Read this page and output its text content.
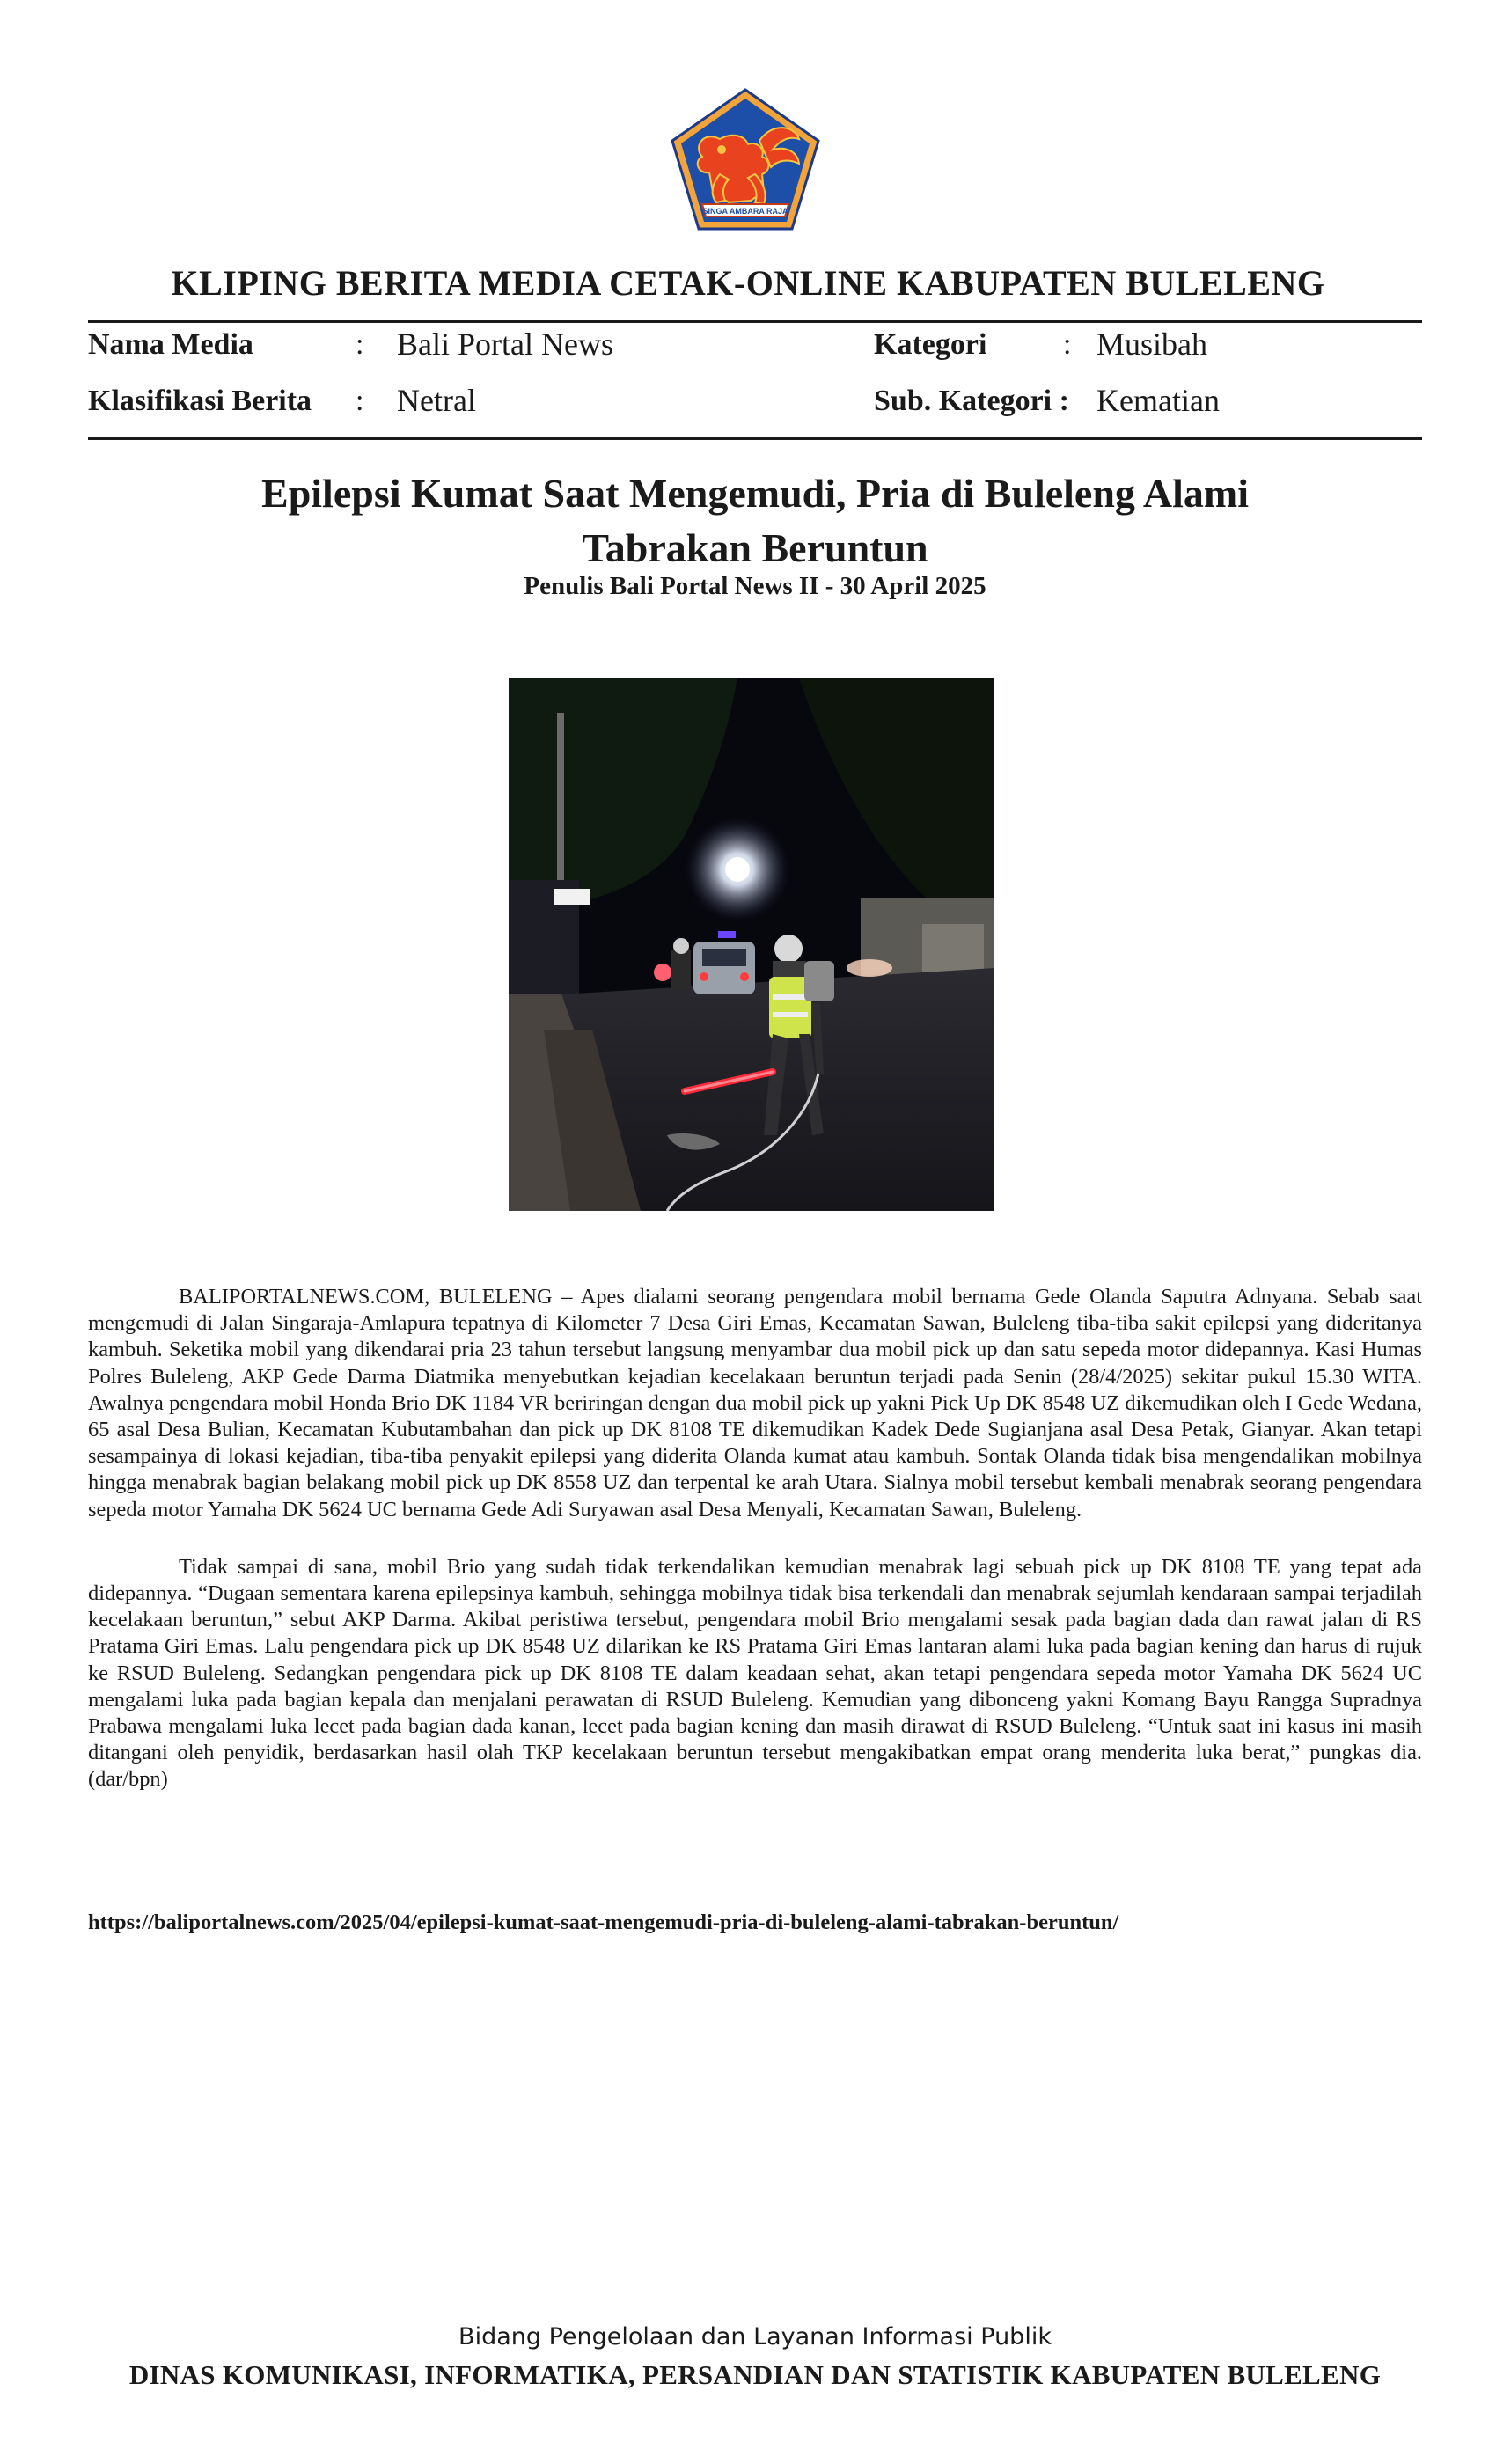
SINGA AMBARA RAJA
KLIPING BERITA MEDIA CETAK-ONLINE KABUPATEN BULELENG
Nama Media	: Bali Portal News
Klasifikasi Berita : Netral
Kategori	: Musibah
Sub. Kategori : Kematian
Epilepsi Kumat Saat Mengemudi, Pria di Buleleng Alami
Tabrakan Beruntun
Penulis Bali Portal News II - 30 April 2025

BALIPORTALNEWS.COM, BULELENG – Apes dialami seorang pengendara mobil bernama Gede Olanda Saputra Adnyana. Sebab saat mengemudi di Jalan Singaraja-Amlapura tepatnya di Kilometer 7 Desa Giri Emas, Kecamatan Sawan, Buleleng tiba-tiba sakit epilepsi yang dideritanya kambuh. Seketika mobil yang dikendarai pria 23 tahun tersebut langsung menyambar dua mobil pick up dan satu sepeda motor didepannya. Kasi Humas Polres Buleleng, AKP Gede Darma Diatmika menyebutkan kejadian kecelakaan beruntun terjadi pada Senin (28/4/2025) sekitar pukul 15.30 WITA. Awalnya pengendara mobil Honda Brio DK 1184 VR beriringan dengan dua mobil pick up yakni Pick Up DK 8548 UZ dikemudikan oleh I Gede Wedana, 65 asal Desa Bulian, Kecamatan Kubutambahan dan pick up DK 8108 TE dikemudikan Kadek Dede Sugianjana asal Desa Petak, Gianyar. Akan tetapi sesampainya di lokasi kejadian, tiba-tiba penyakit epilepsi yang diderita Olanda kumat atau kambuh. Sontak Olanda tidak bisa mengendalikan mobilnya hingga menabrak bagian belakang mobil pick up DK 8558 UZ dan terpental ke arah Utara. Sialnya mobil tersebut kembali menabrak seorang pengendara sepeda motor Yamaha DK 5624 UC bernama Gede Adi Suryawan asal Desa Menyali, Kecamatan Sawan, Buleleng.

Tidak sampai di sana, mobil Brio yang sudah tidak terkendalikan kemudian menabrak lagi sebuah pick up DK 8108 TE yang tepat ada didepannya. “Dugaan sementara karena epilepsinya kambuh, sehingga mobilnya tidak bisa terkendali dan menabrak sejumlah kendaraan sampai terjadilah kecelakaan beruntun,” sebut AKP Darma. Akibat peristiwa tersebut, pengendara mobil Brio mengalami sesak pada bagian dada dan rawat jalan di RS Pratama Giri Emas. Lalu pengendara pick up DK 8548 UZ dilarikan ke RS Pratama Giri Emas lantaran alami luka pada bagian kening dan harus di rujuk ke RSUD Buleleng. Sedangkan pengendara pick up DK 8108 TE dalam keadaan sehat, akan tetapi pengendara sepeda motor Yamaha DK 5624 UC mengalami luka pada bagian kepala dan menjalani perawatan di RSUD Buleleng. Kemudian yang dibonceng yakni Komang Bayu Rangga Supradnya Prabawa mengalami luka lecet pada bagian dada kanan, lecet pada bagian kening dan masih dirawat di RSUD Buleleng. “Untuk saat ini kasus ini masih ditangani oleh penyidik, berdasarkan hasil olah TKP kecelakaan beruntun tersebut mengakibatkan empat orang menderita luka berat,” pungkas dia.(dar/bpn)

https://baliportalnews.com/2025/04/epilepsi-kumat-saat-mengemudi-pria-di-buleleng-alami-tabrakan-beruntun/
Bidang Pengelolaan dan Layanan Informasi Publik
DINAS KOMUNIKASI, INFORMATIKA, PERSANDIAN DAN STATISTIK KABUPATEN BULELENG
